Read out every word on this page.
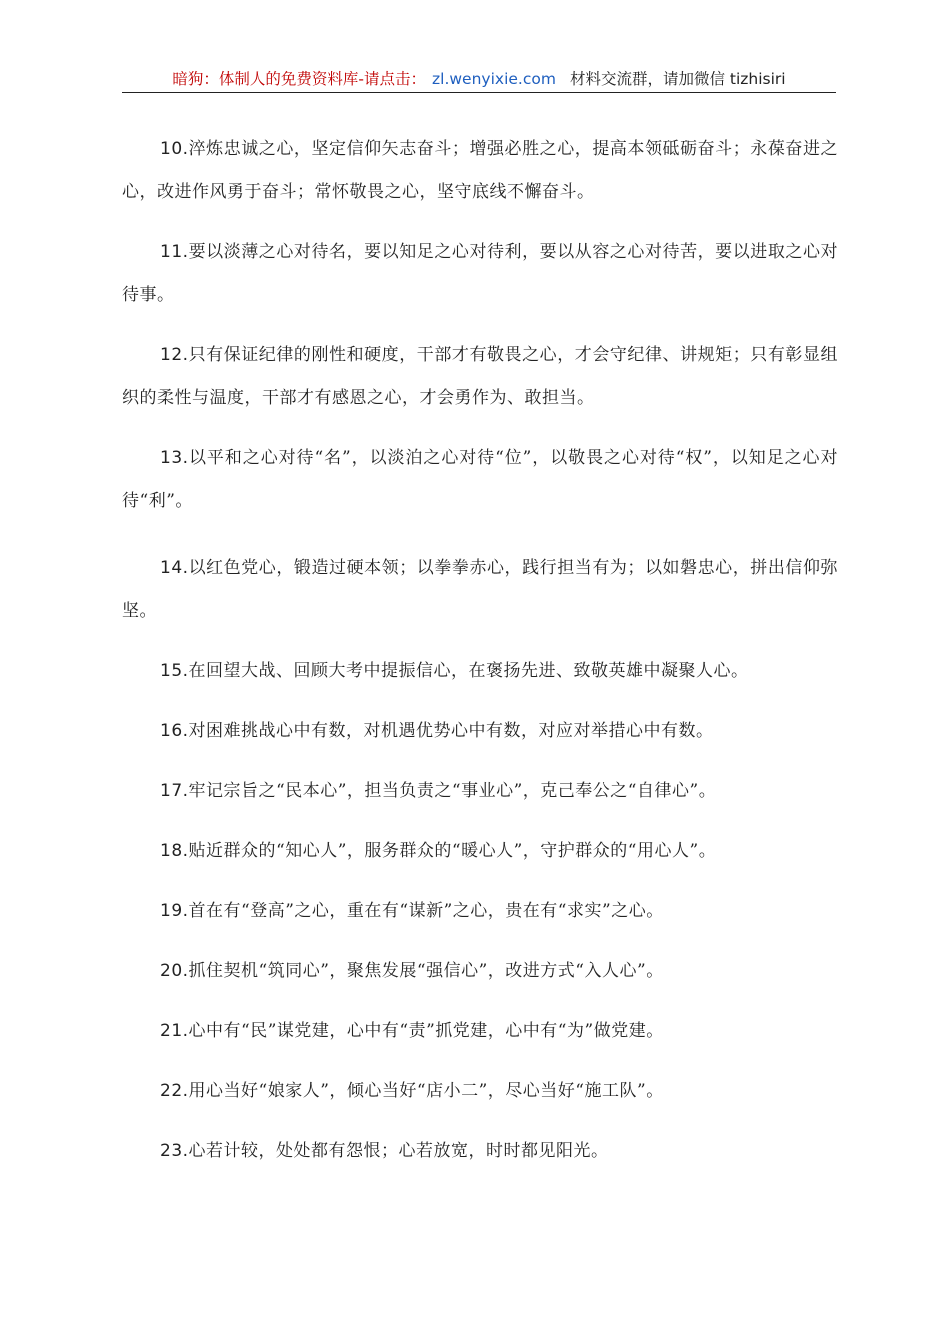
暗狗：体制人的免费资料库-请点击： zl.wenyixie.com 材料交流群，请加微信 tizhisiri

10.淬炼忠诚之心，坚定信仰矢志奋斗；增强必胜之心，提高本领砥砺奋斗；永葆奋进之心，改进作风勇于奋斗；常怀敬畏之心，坚守底线不懈奋斗。

11.要以淡薄之心对待名，要以知足之心对待利，要以从容之心对待苦，要以进取之心对待事。

12.只有保证纪律的刚性和硬度，干部才有敬畏之心，才会守纪律、讲规矩；只有彰显组织的柔性与温度，干部才有感恩之心，才会勇作为、敢担当。

13.以平和之心对待“名”，以淡泊之心对待“位”，以敬畏之心对待“权”，以知足之心对待“利”。

14.以红色党心，锻造过硬本领；以拳拳赤心，践行担当有为；以如磐忠心，拼出信仰弥坚。

15.在回望大战、回顾大考中提振信心，在褒扬先进、致敬英雄中凝聚人心。

16.对困难挑战心中有数，对机遇优势心中有数，对应对举措心中有数。

17.牢记宗旨之“民本心”，担当负责之“事业心”，克己奉公之“自律心”。

18.贴近群众的“知心人”，服务群众的“暖心人”，守护群众的“用心人”。

19.首在有“登高”之心，重在有“谋新”之心，贵在有“求实”之心。

20.抓住契机“筑同心”，聚焦发展“强信心”，改进方式“入人心”。

21.心中有“民”谋党建，心中有“责”抓党建，心中有“为”做党建。

22.用心当好“娘家人”，倾心当好“店小二”，尽心当好“施工队”。

23.心若计较，处处都有怨恨；心若放宽，时时都见阳光。
